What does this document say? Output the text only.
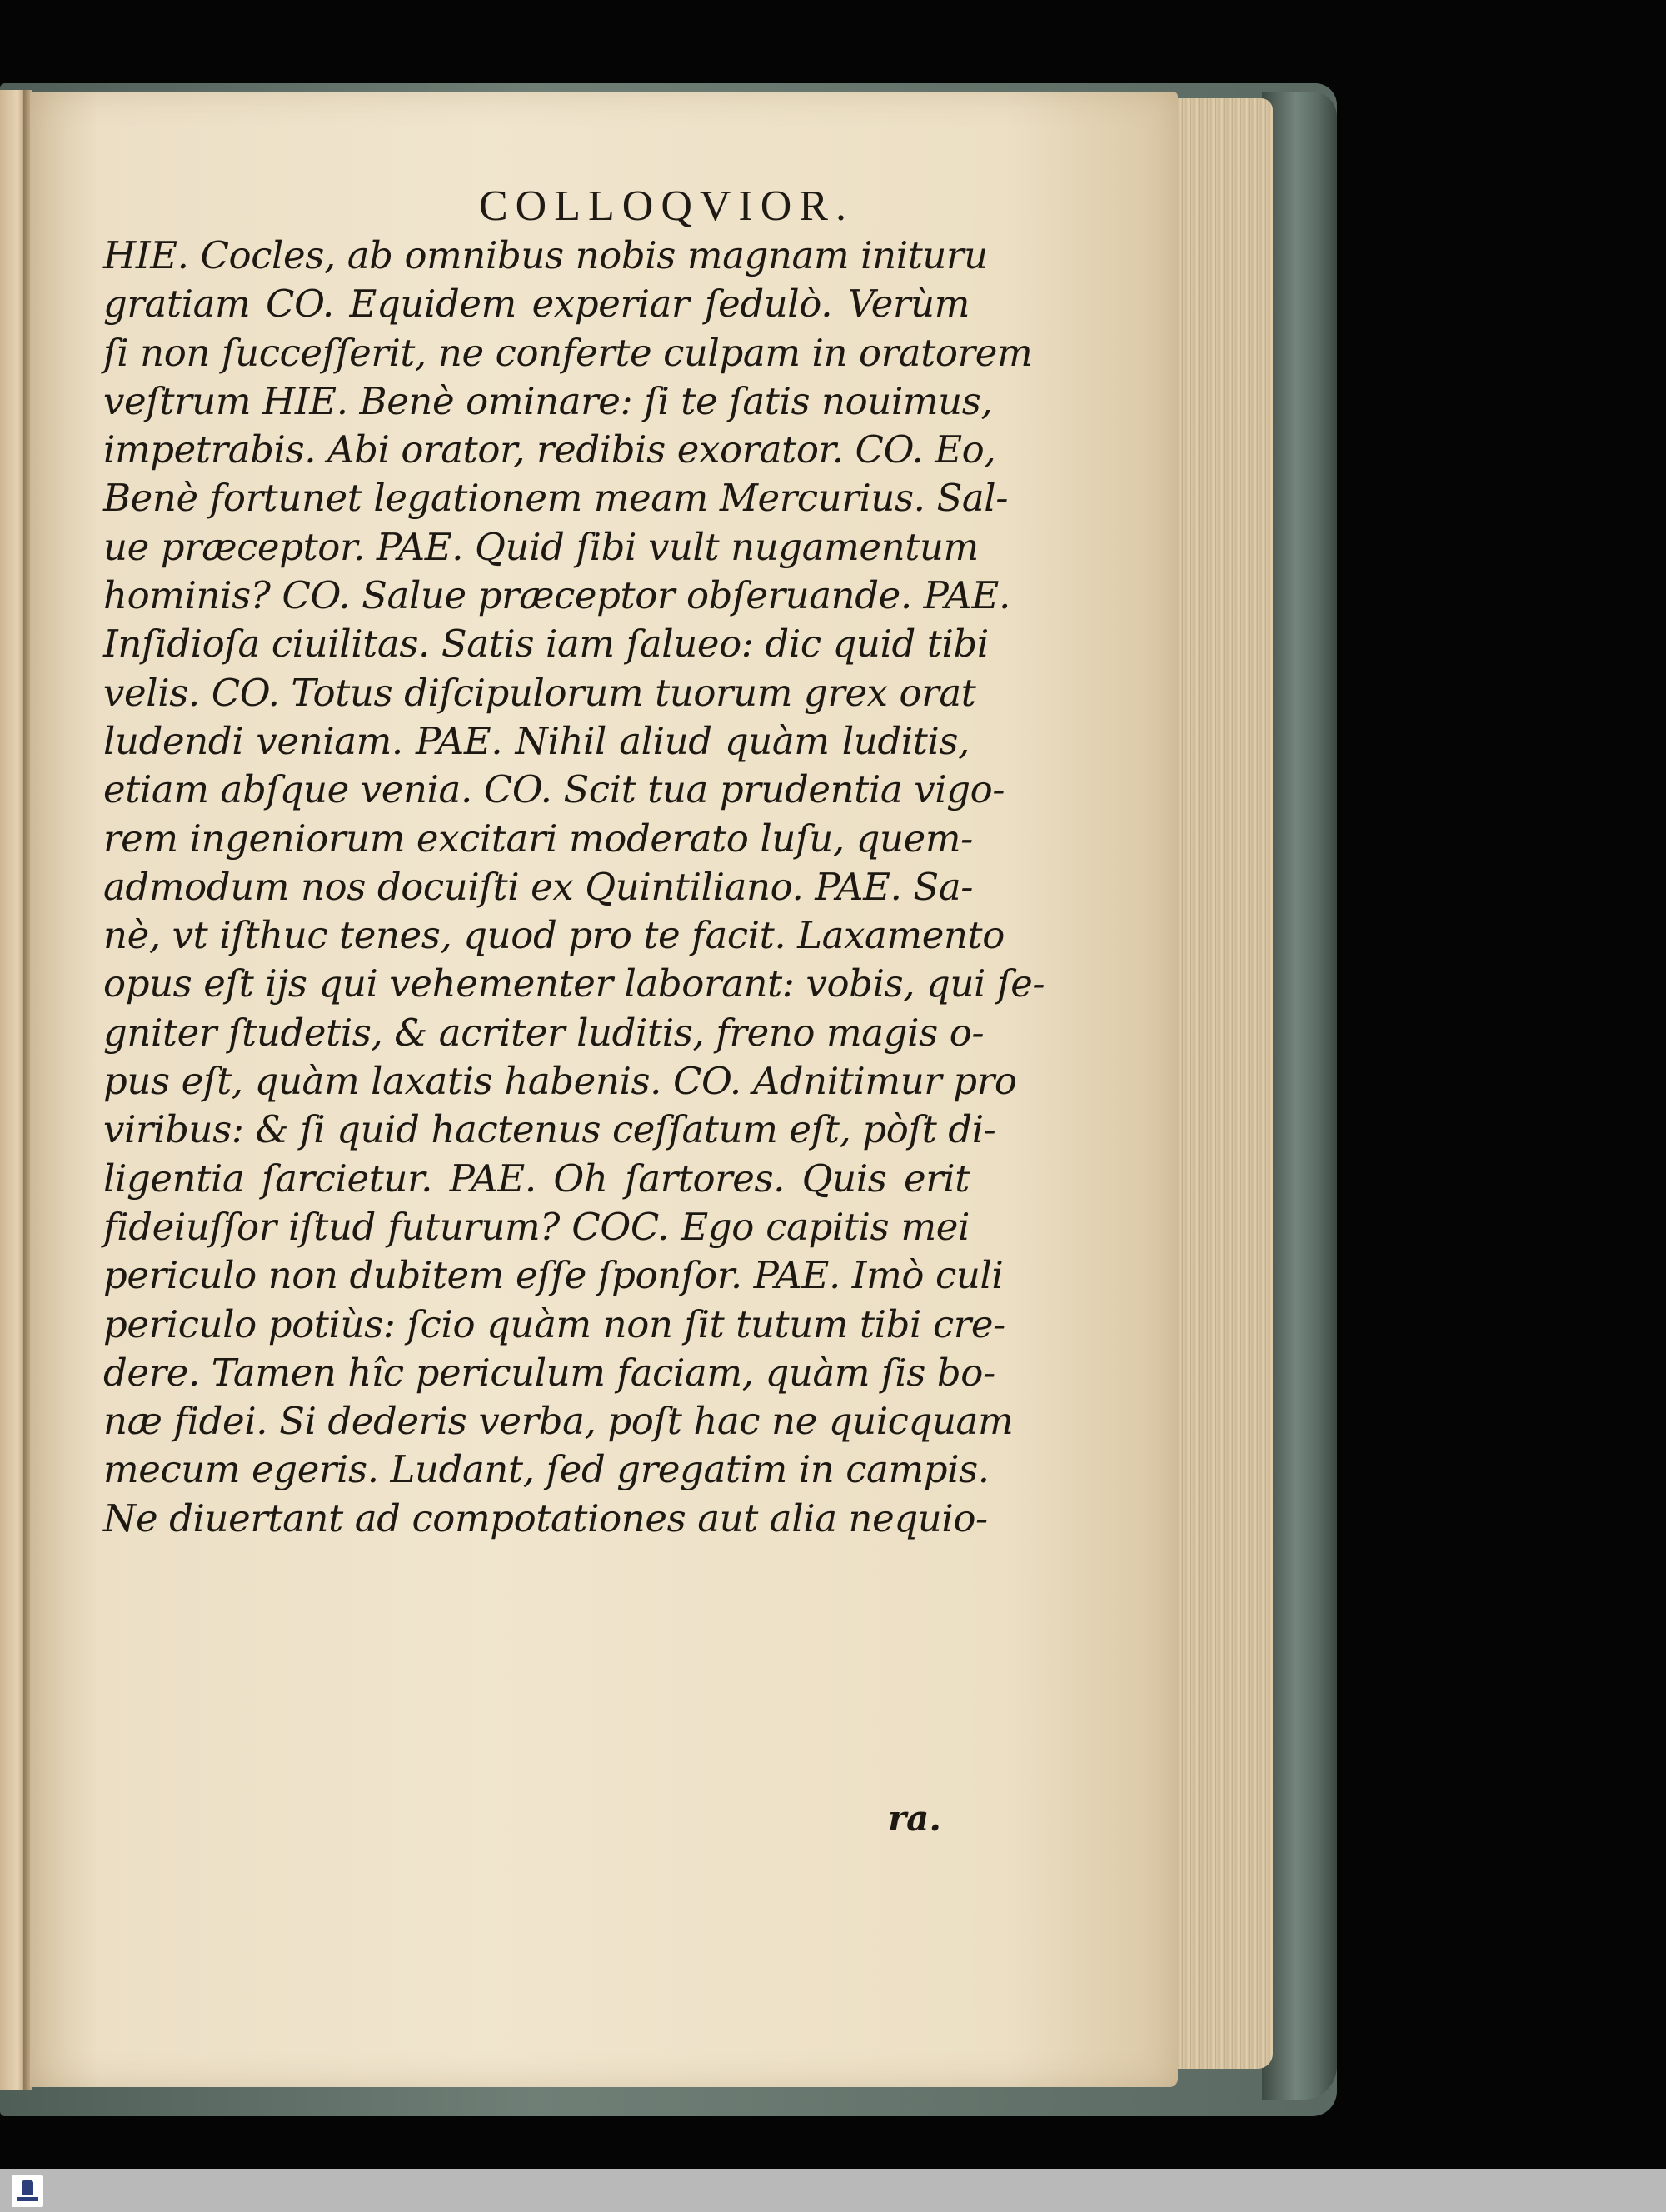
COLLOQVIOR.
HIE. Cocles, ab omnibus nobis magnam inituru
gratiam CO. Equidem experiar ſedulò. Verùm
ſi non ſucceſſerit, ne conferte culpam in oratorem
veſtrum HIE. Benè ominare: ſi te ſatis nouimus,
impetrabis. Abi orator, redibis exorator. CO. Eo,
Benè fortunet legationem meam Mercurius. Sal-
ue præceptor. PAE. Quid ſibi vult nugamentum
hominis? CO. Salue præceptor obſeruande. PAE.
Inſidioſa ciuilitas. Satis iam ſalueo: dic quid tibi
velis. CO. Totus diſcipulorum tuorum grex orat
ludendi veniam. PAE. Nihil aliud quàm luditis,
etiam abſque venia. CO. Scit tua prudentia vigo-
rem ingeniorum excitari moderato luſu, quem-
admodum nos docuiſti ex Quintiliano. PAE. Sa-
nè, vt iſthuc tenes, quod pro te facit. Laxamento
opus eſt ijs qui vehementer laborant: vobis, qui ſe-
gniter ſtudetis, & acriter luditis, freno magis o-
pus eſt, quàm laxatis habenis. CO. Adnitimur pro
viribus: & ſi quid hactenus ceſſatum eſt, pòſt di-
ligentia ſarcietur. PAE. Oh ſartores. Quis erit
fideiuſſor iſtud futurum? COC. Ego capitis mei
periculo non dubitem eſſe ſponſor. PAE. Imò culi
periculo potiùs: ſcio quàm non ſit tutum tibi cre-
dere. Tamen hîc periculum faciam, quàm ſis bo-
næ fidei. Si dederis verba, poſt hac ne quicquam
mecum egeris. Ludant, ſed gregatim in campis.
Ne diuertant ad compotationes aut alia nequio-
ra.
